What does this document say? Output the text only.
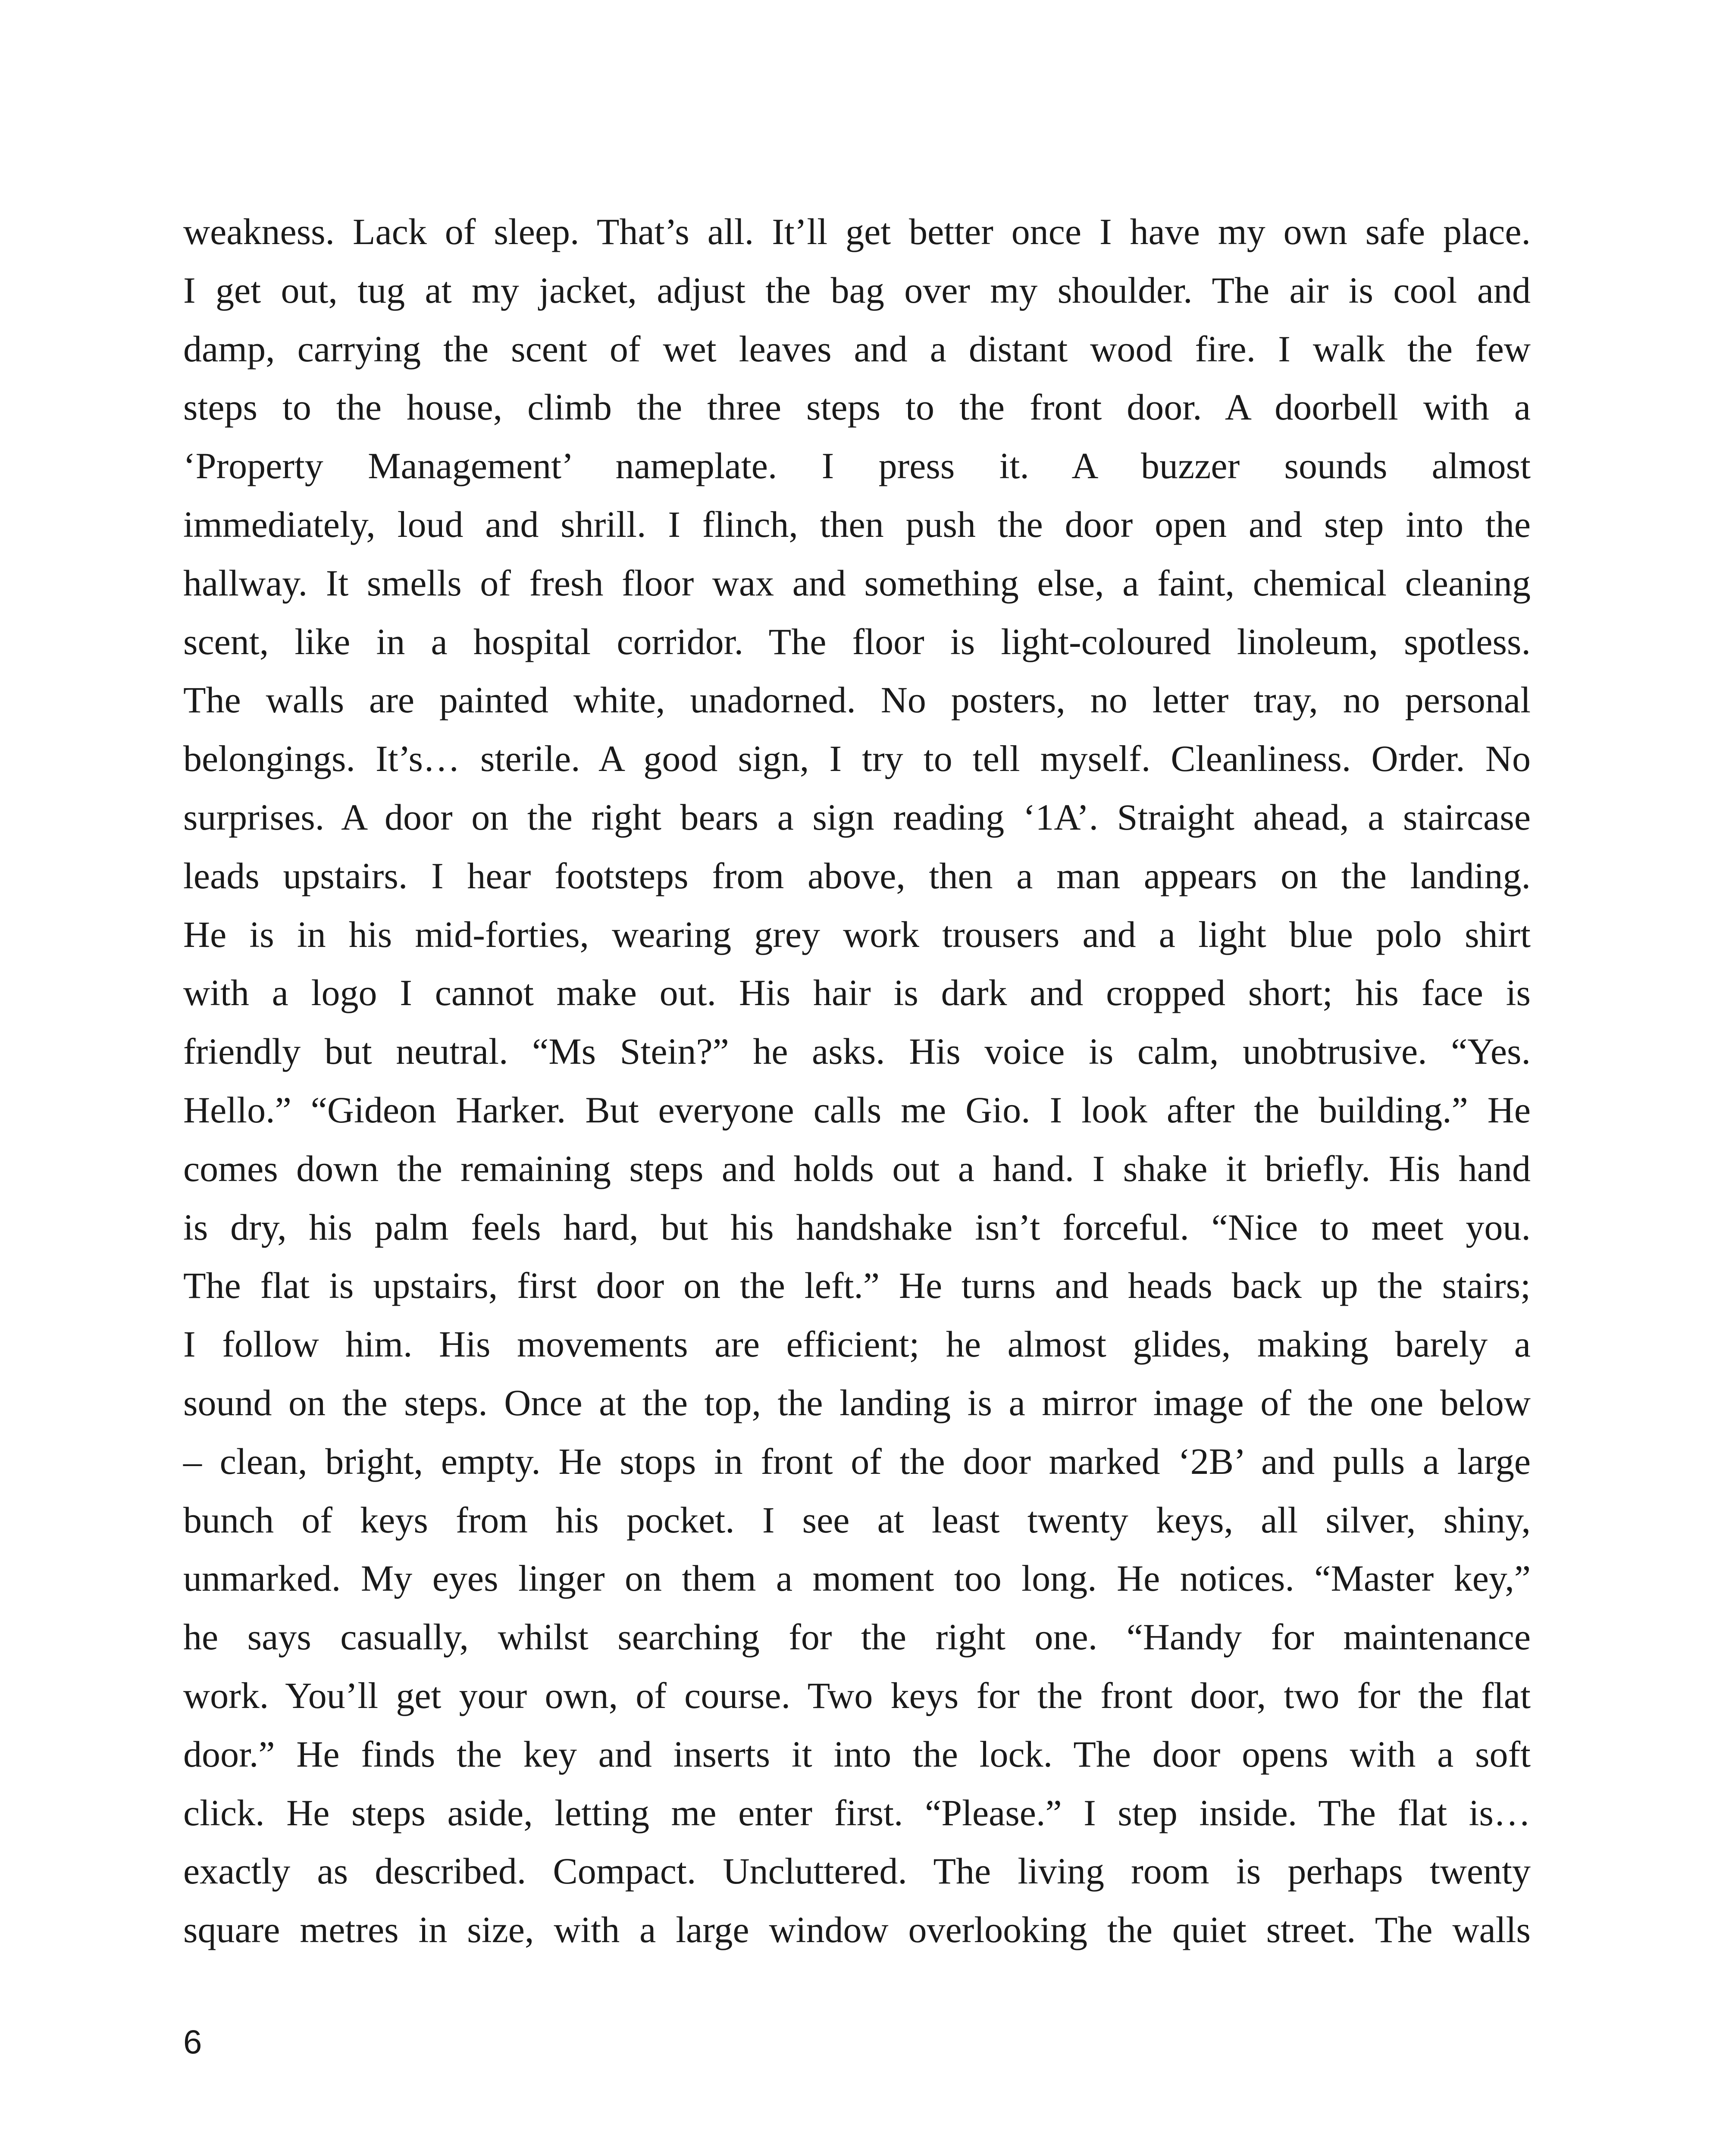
weakness. Lack of sleep. That’s all. It’ll get better once I have my own safe place.
I get out, tug at my jacket, adjust the bag over my shoulder. The air is cool and
damp, carrying the scent of wet leaves and a distant wood fire. I walk the few
steps to the house, climb the three steps to the front door. A doorbell with a
‘Property Management’ nameplate. I press it. A buzzer sounds almost
immediately, loud and shrill. I flinch, then push the door open and step into the
hallway. It smells of fresh floor wax and something else, a faint, chemical cleaning
scent, like in a hospital corridor. The floor is light-coloured linoleum, spotless.
The walls are painted white, unadorned. No posters, no letter tray, no personal
belongings. It’s… sterile. A good sign, I try to tell myself. Cleanliness. Order. No
surprises. A door on the right bears a sign reading ‘1A’. Straight ahead, a staircase
leads upstairs. I hear footsteps from above, then a man appears on the landing.
He is in his mid-forties, wearing grey work trousers and a light blue polo shirt
with a logo I cannot make out. His hair is dark and cropped short; his face is
friendly but neutral. “Ms Stein?” he asks. His voice is calm, unobtrusive. “Yes.
Hello.” “Gideon Harker. But everyone calls me Gio. I look after the building.” He
comes down the remaining steps and holds out a hand. I shake it briefly. His hand
is dry, his palm feels hard, but his handshake isn’t forceful. “Nice to meet you.
The flat is upstairs, first door on the left.” He turns and heads back up the stairs;
I follow him. His movements are efficient; he almost glides, making barely a
sound on the steps. Once at the top, the landing is a mirror image of the one below
– clean, bright, empty. He stops in front of the door marked ‘2B’ and pulls a large
bunch of keys from his pocket. I see at least twenty keys, all silver, shiny,
unmarked. My eyes linger on them a moment too long. He notices. “Master key,”
he says casually, whilst searching for the right one. “Handy for maintenance
work. You’ll get your own, of course. Two keys for the front door, two for the flat
door.” He finds the key and inserts it into the lock. The door opens with a soft
click. He steps aside, letting me enter first. “Please.” I step inside. The flat is…
exactly as described. Compact. Uncluttered. The living room is perhaps twenty
square metres in size, with a large window overlooking the quiet street. The walls
6
